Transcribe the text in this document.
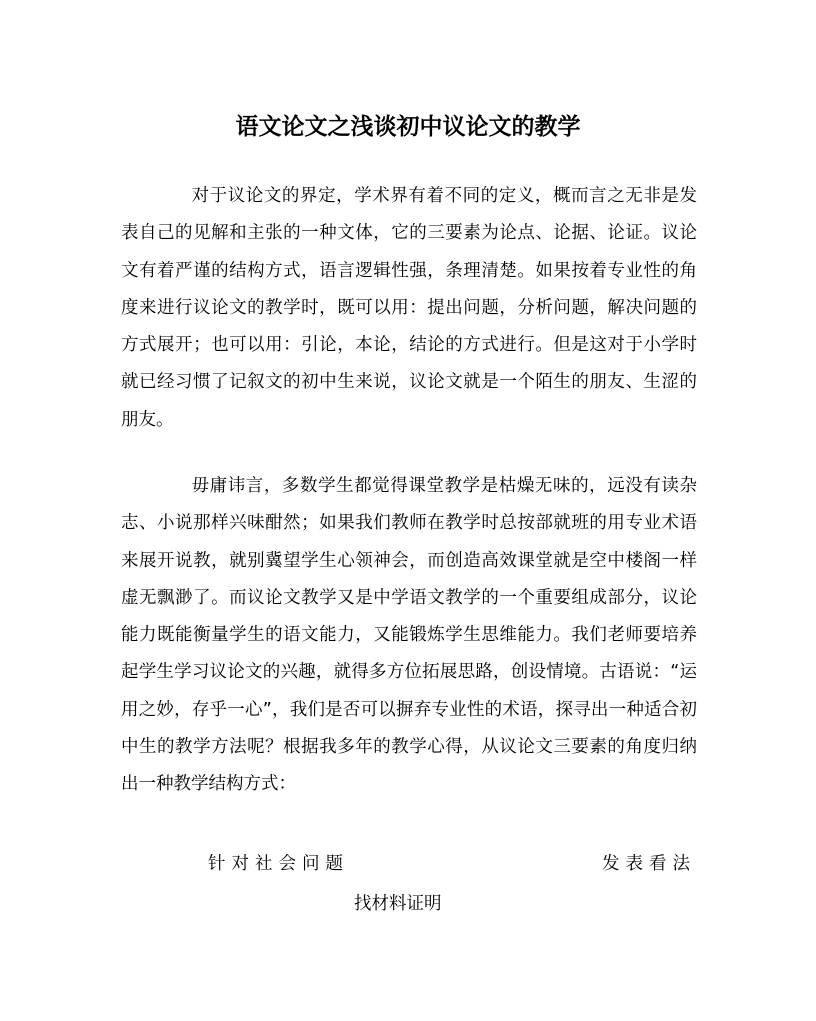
语文论文之浅谈初中议论文的教学

对于议论文的界定，学术界有着不同的定义，概而言之无非是发表自己的见解和主张的一种文体，它的三要素为论点、论据、论证。议论文有着严谨的结构方式，语言逻辑性强，条理清楚。如果按着专业性的角度来进行议论文的教学时，既可以用：提出问题，分析问题，解决问题的方式展开；也可以用：引论，本论，结论的方式进行。但是这对于小学时就已经习惯了记叙文的初中生来说，议论文就是一个陌生的朋友、生涩的朋友。

毋庸讳言，多数学生都觉得课堂教学是枯燥无味的，远没有读杂志、小说那样兴味酣然；如果我们教师在教学时总按部就班的用专业术语来展开说教，就别冀望学生心领神会，而创造高效课堂就是空中楼阁一样虚无飘渺了。而议论文教学又是中学语文教学的一个重要组成部分，议论能力既能衡量学生的语文能力，又能锻炼学生思维能力。我们老师要培养起学生学习议论文的兴趣，就得多方位拓展思路，创设情境。古语说：“运用之妙，存乎一心”，我们是否可以摒弃专业性的术语，探寻出一种适合初中生的教学方法呢？根据我多年的教学心得，从议论文三要素的角度归纳出一种教学结构方式：

针对社会问题	发表看法
找材料证明
